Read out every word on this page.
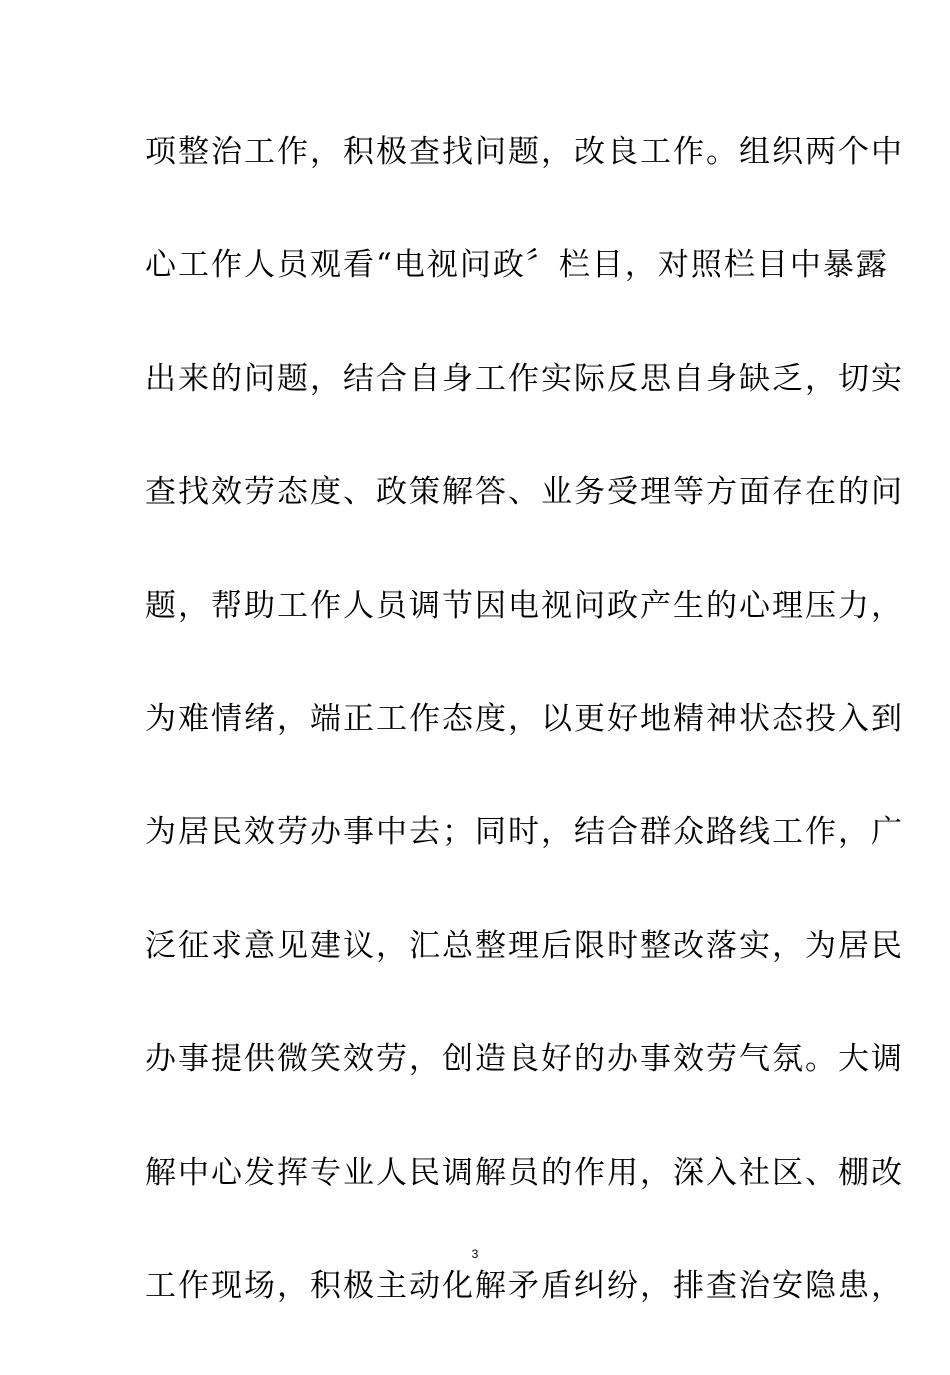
项整治工作，积极查找问题，改良工作。组织两个中
心工作人员观看“电视问政〞栏目，对照栏目中暴露
出来的问题，结合自身工作实际反思自身缺乏，切实
查找效劳态度、政策解答、业务受理等方面存在的问
题，帮助工作人员调节因电视问政产生的心理压力，
为难情绪，端正工作态度，以更好地精神状态投入到
为居民效劳办事中去；同时，结合群众路线工作，广
泛征求意见建议，汇总整理后限时整改落实，为居民
办事提供微笑效劳，创造良好的办事效劳气氛。大调
解中心发挥专业人民调解员的作用，深入社区、棚改
工作现场，积极主动化解矛盾纠纷，排查治安隐患，
3
